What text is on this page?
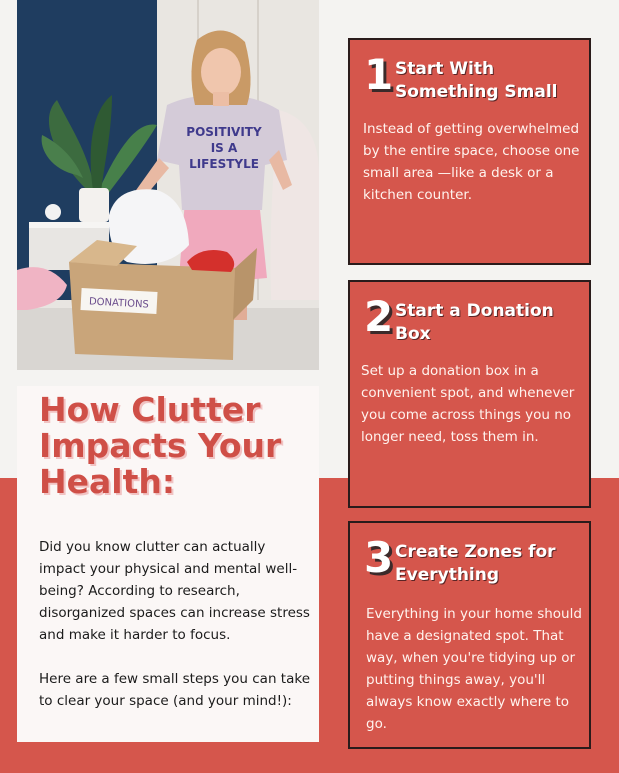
POSITIVITY
IS A
LIFESTYLE
DONATIONS
How Clutter
Impacts Your
Health:

Did you know clutter can actually impact your physical and mental well-being? According to research, disorganized spaces can increase stress and make it harder to focus.

Here are a few small steps you can take to clear your space (and your mind!):

1 Start With Something Small

Instead of getting overwhelmed by the entire space, choose one small area —like a desk or a kitchen counter.

2 Start a Donation Box

Set up a donation box in a convenient spot, and whenever you come across things you no longer need, toss them in.

3 Create Zones for Everything

Everything in your home should have a designated spot. That way, when you're tidying up or putting things away, you'll always know exactly where to go.
